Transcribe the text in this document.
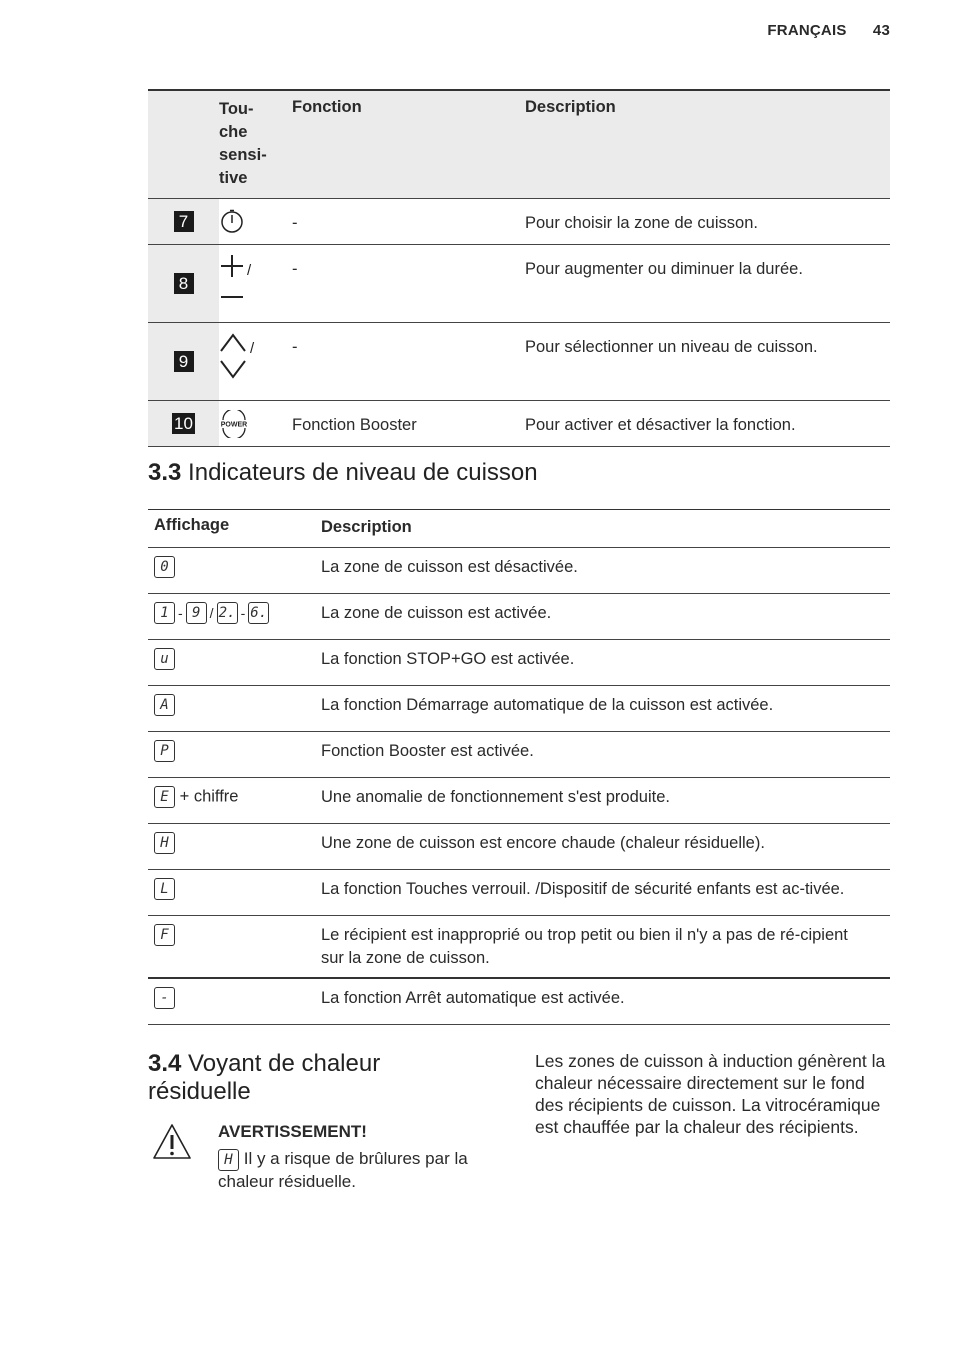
FRANÇAIS 43
	Tou-
che
sensi-
tive	Fonction	Description
7		-	Pour choisir la zone de cuisson.
8	/	-	Pour augmenter ou diminuer la durée.
9	/	-	Pour sélectionner un niveau de cuisson.
10	POWER	Fonction Booster	Pour activer et désactiver la fonction.
3.3 Indicateurs de niveau de cuisson
Affichage	Description
0	La zone de cuisson est désactivée.
1 - 9 / 2. - 6.	La zone de cuisson est activée.
u	La fonction STOP+GO est activée.
A	La fonction Démarrage automatique de la cuisson est activée.
P	Fonction Booster est activée.
E + chiffre	Une anomalie de fonctionnement s'est produite.
H	Une zone de cuisson est encore chaude (chaleur résiduelle).
L	La fonction Touches verrouil. /Dispositif de sécurité enfants est ac-tivée.
F	Le récipient est inapproprié ou trop petit ou bien il n'y a pas de ré-cipient sur la zone de cuisson.
-	La fonction Arrêt automatique est activée.
3.4 Voyant de chaleur résiduelle
AVERTISSEMENT!
H Il y a risque de brûlures par la chaleur résiduelle.
Les zones de cuisson à induction génèrent la chaleur nécessaire directement sur le fond des récipients de cuisson. La vitrocéramique est chauffée par la chaleur des récipients.
